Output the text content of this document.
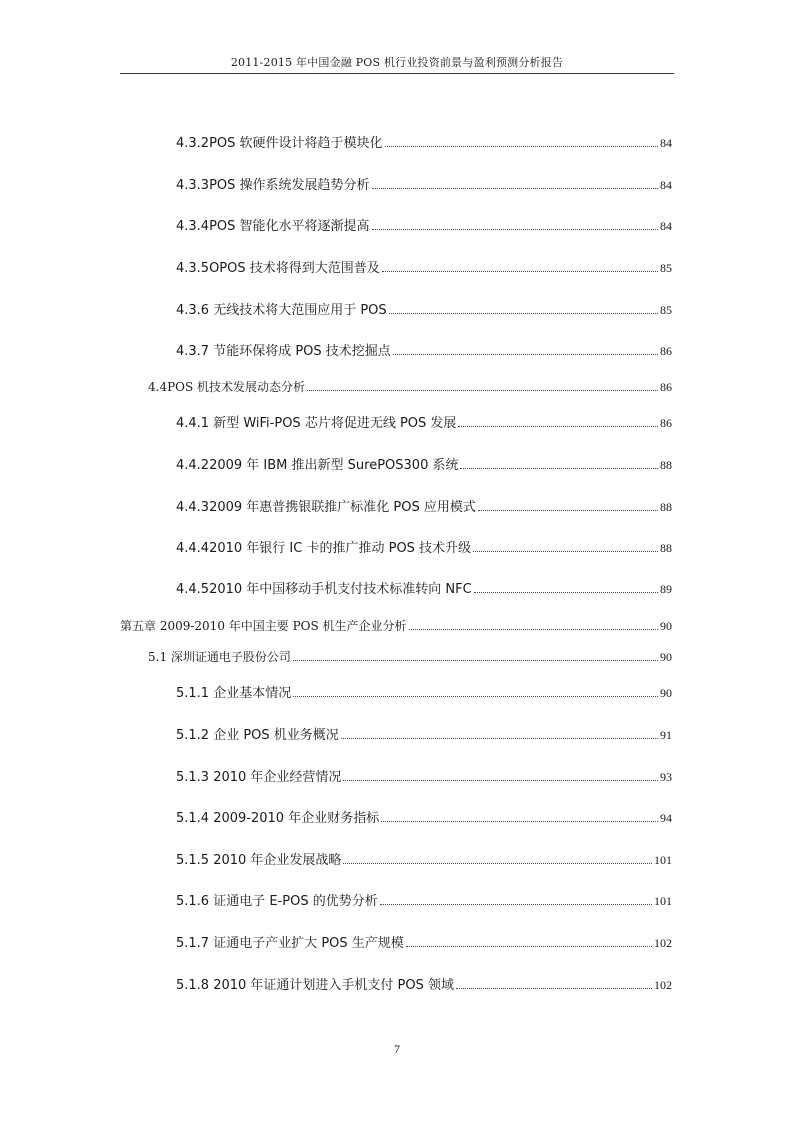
2011-2015 年中国金融 POS 机行业投资前景与盈利预测分析报告
4.3.2POS 软硬件设计将趋于模块化	84
4.3.3POS 操作系统发展趋势分析	84
4.3.4POS 智能化水平将逐渐提高	84
4.3.5OPOS 技术将得到大范围普及	85
4.3.6 无线技术将大范围应用于 POS	85
4.3.7 节能环保将成 POS 技术挖掘点	86
4.4POS 机技术发展动态分析	86
4.4.1 新型 WiFi-POS 芯片将促进无线 POS 发展	86
4.4.22009 年 IBM 推出新型 SurePOS300 系统	88
4.4.32009 年惠普携银联推广标准化 POS 应用模式	88
4.4.42010 年银行 IC 卡的推广推动 POS 技术升级	88
4.4.52010 年中国移动手机支付技术标准转向 NFC	89
第五章 2009-2010 年中国主要 POS 机生产企业分析	90
5.1 深圳证通电子股份公司	90
5.1.1 企业基本情况	90
5.1.2 企业 POS 机业务概况	91
5.1.3 2010 年企业经营情况	93
5.1.4 2009-2010 年企业财务指标	94
5.1.5 2010 年企业发展战略	101
5.1.6 证通电子 E-POS 的优势分析	101
5.1.7 证通电子产业扩大 POS 生产规模	102
5.1.8 2010 年证通计划进入手机支付 POS 领域	102
7
